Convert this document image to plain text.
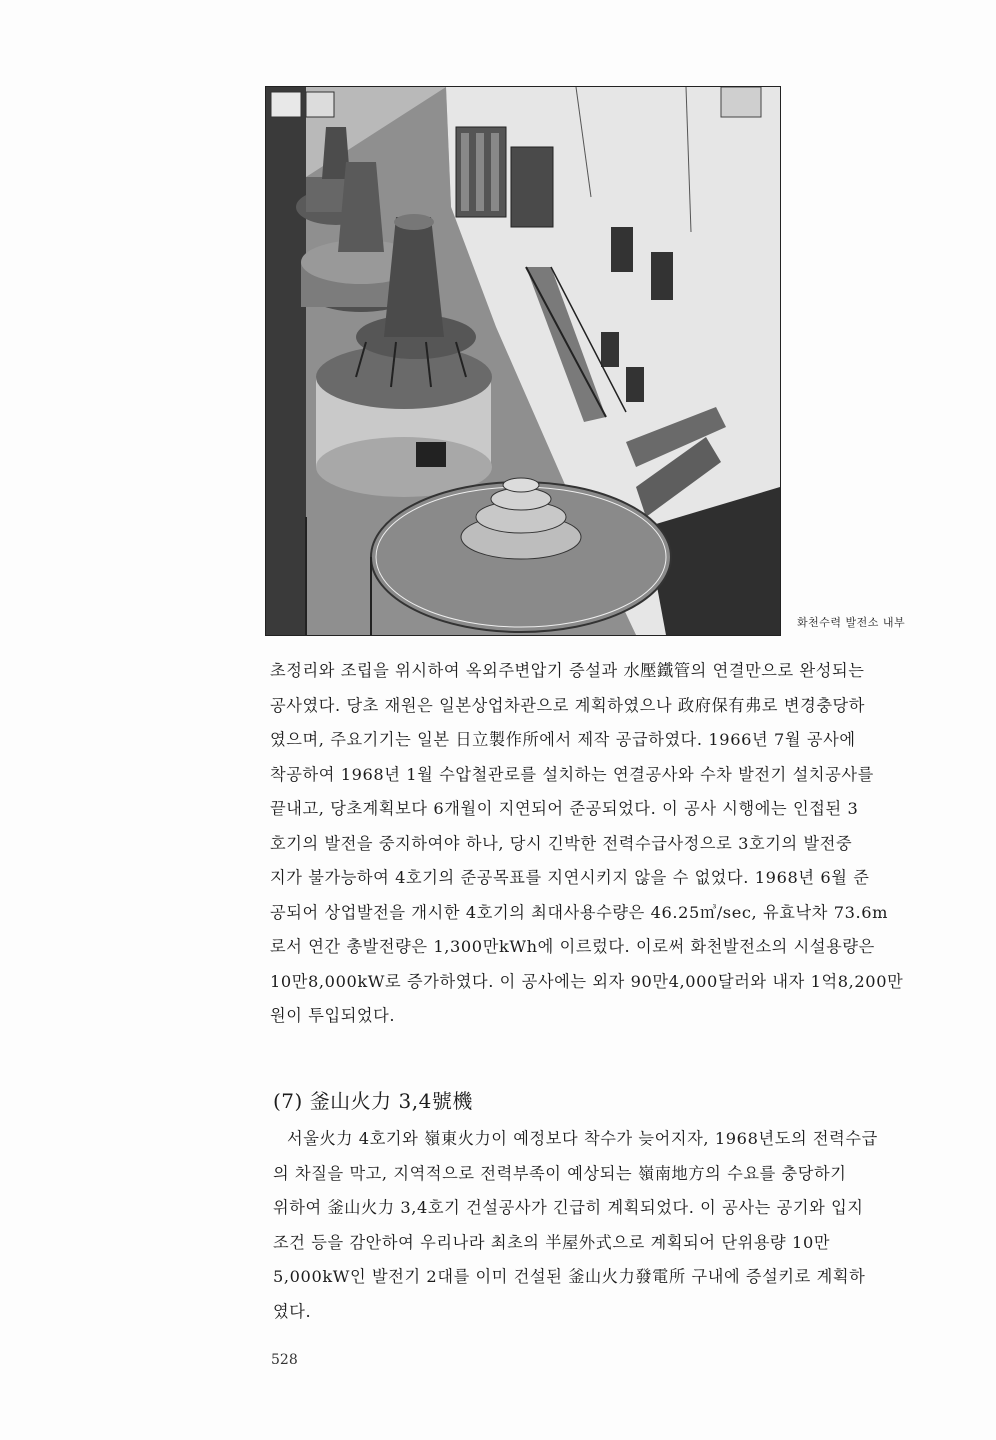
화천수력 발전소 내부
초정리와 조립을 위시하여 옥외주변압기 증설과 水壓鐵管의 연결만으로 완성되는
공사였다. 당초 재원은 일본상업차관으로 계획하였으나 政府保有弗로 변경충당하
였으며, 주요기기는 일본 日立製作所에서 제작 공급하였다. 1966년 7월 공사에
착공하여 1968년 1월 수압철관로를 설치하는 연결공사와 수차 발전기 설치공사를
끝내고, 당초계획보다 6개월이 지연되어 준공되었다. 이 공사 시행에는 인접된 3
호기의 발전을 중지하여야 하나, 당시 긴박한 전력수급사정으로 3호기의 발전중
지가 불가능하여 4호기의 준공목표를 지연시키지 않을 수 없었다. 1968년 6월 준
공되어 상업발전을 개시한 4호기의 최대사용수량은 46.25㎥/sec, 유효낙차 73.6m
로서 연간 총발전량은 1,300만kWh에 이르렀다. 이로써 화천발전소의 시설용량은
10만8,000kW로 증가하였다. 이 공사에는 외자 90만4,000달러와 내자 1억8,200만
원이 투입되었다.
(7) 釜山火力 3,4號機
서울火力 4호기와 嶺東火力이 예정보다 착수가 늦어지자, 1968년도의 전력수급
의 차질을 막고, 지역적으로 전력부족이 예상되는 嶺南地方의 수요를 충당하기
위하여 釜山火力 3,4호기 건설공사가 긴급히 계획되었다. 이 공사는 공기와 입지
조건 등을 감안하여 우리나라 최초의 半屋外式으로 계획되어 단위용량 10만
5,000kW인 발전기 2대를 이미 건설된 釜山火力發電所 구내에 증설키로 계획하
였다.
528
